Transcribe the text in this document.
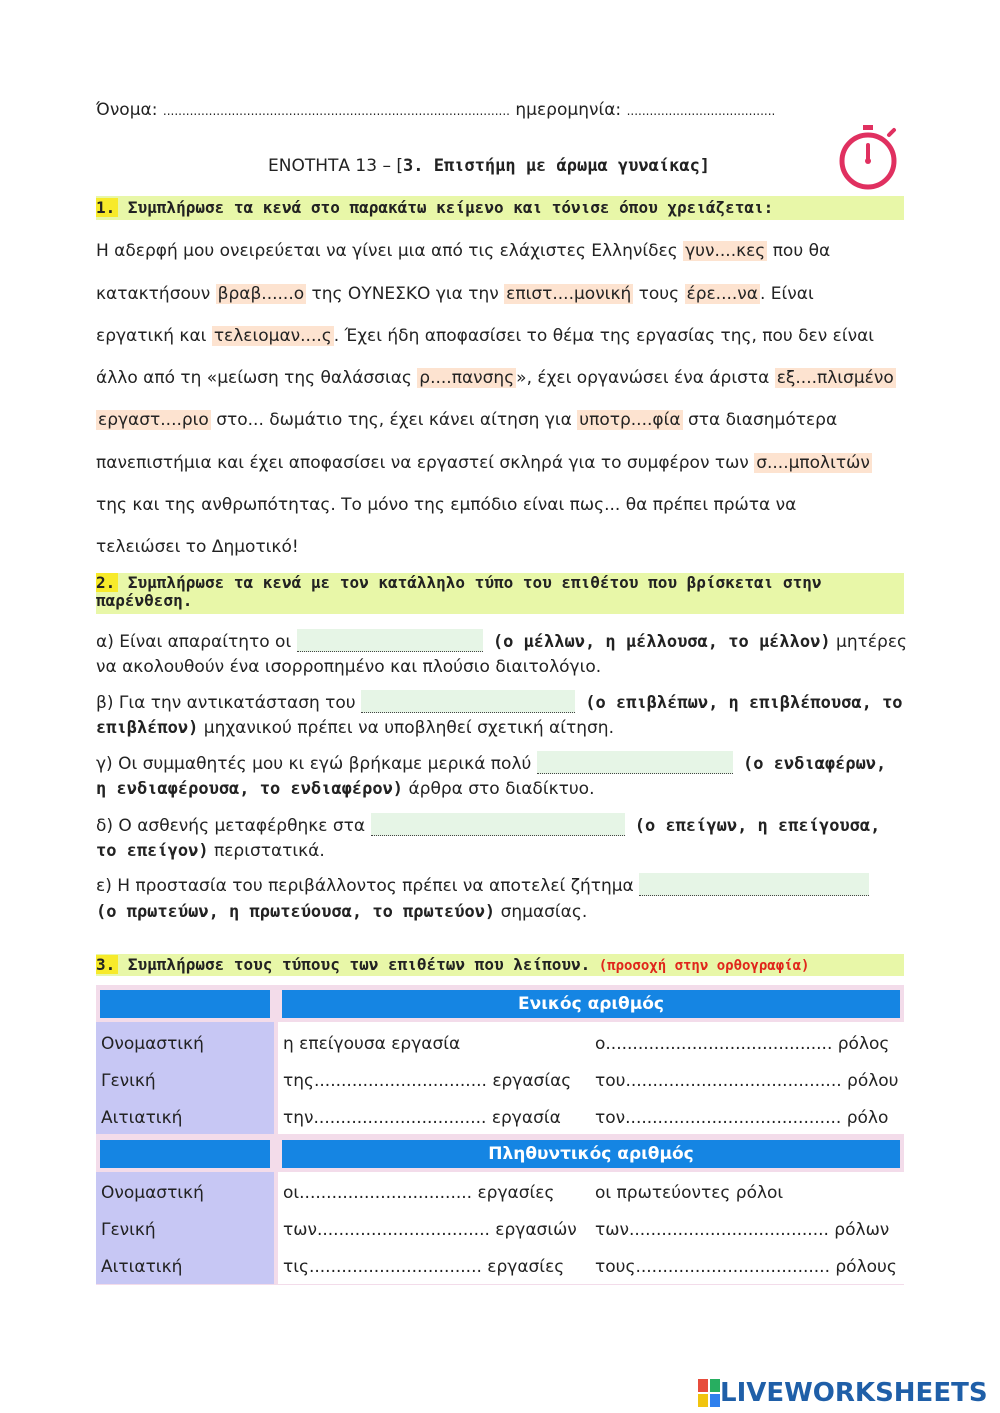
Όνομα: ........................................................................................... ημερομηνία: .......................................
ΕΝΟΤΗΤΑ 13 – [3. Επιστήμη με άρωμα γυναίκας]
1. Συμπλήρωσε τα κενά στο παρακάτω κείμενο και τόνισε όπου χρειάζεται:
Η αδερφή μου ονειρεύεται να γίνει μια από τις ελάχιστες Ελληνίδες γυν....κες που θα
κατακτήσουν βραβ......ο της ΟΥΝΕΣΚΟ για την επιστ....μονική τους έρε....να . Είναι
εργατική και τελειομαν....ς . Έχει ήδη αποφασίσει το θέμα της εργασίας της, που δεν είναι
άλλο από τη «μείωση της θαλάσσιας ρ....πανσης », έχει οργανώσει ένα άριστα εξ....πλισμένο
εργαστ....ριο στο... δωμάτιο της, έχει κάνει αίτηση για υποτρ....φία στα διασημότερα
πανεπιστήμια και έχει αποφασίσει να εργαστεί σκληρά για το συμφέρον των σ....μπολιτών
της και της ανθρωπότητας. Το μόνο της εμπόδιο είναι πως... θα πρέπει πρώτα να
τελειώσει το Δημοτικό!
2. Συμπλήρωσε τα κενά με τον κατάλληλο τύπο του επιθέτου που βρίσκεται στην
παρένθεση.
α) Είναι απαραίτητο οι	(ο μέλλων, η μέλλουσα, το μέλλον) μητέρες
να ακολουθούν ένα ισορροπημένο και πλούσιο διαιτολόγιο.
β) Για την αντικατάσταση του	(ο επιβλέπων, η επιβλέπουσα, το
επιβλέπον) μηχανικού πρέπει να υποβληθεί σχετική αίτηση.
γ) Οι συμμαθητές μου κι εγώ βρήκαμε μερικά πολύ	(ο ενδιαφέρων,
η ενδιαφέρουσα, το ενδιαφέρον) άρθρα στο διαδίκτυο.
δ) Ο ασθενής μεταφέρθηκε στα	(ο επείγων, η επείγουσα,
το επείγον) περιστατικά.
ε) Η προστασία του περιβάλλοντος πρέπει να αποτελεί ζήτημα
(ο πρωτεύων, η πρωτεύουσα, το πρωτεύον) σημασίας.
3. Συμπλήρωσε τους τύπους των επιθέτων που λείπουν. (προσοχή στην ορθογραφία)
Ενικός αριθμός
Πληθυντικός αριθμός
Ονομαστική	η επείγουσα εργασία	ο.......................................... ρόλος
Γενική	της................................ εργασίας του........................................ ρόλου
Αιτιατική	την................................ εργασία τον........................................ ρόλο
Ονομαστική	οι................................ εργασίες οι πρωτεύοντες ρόλοι
Γενική	των................................ εργασιών των..................................... ρόλων
Αιτιατική	τις................................ εργασίες τους.................................... ρόλους
LIVEWORKSHEETS
